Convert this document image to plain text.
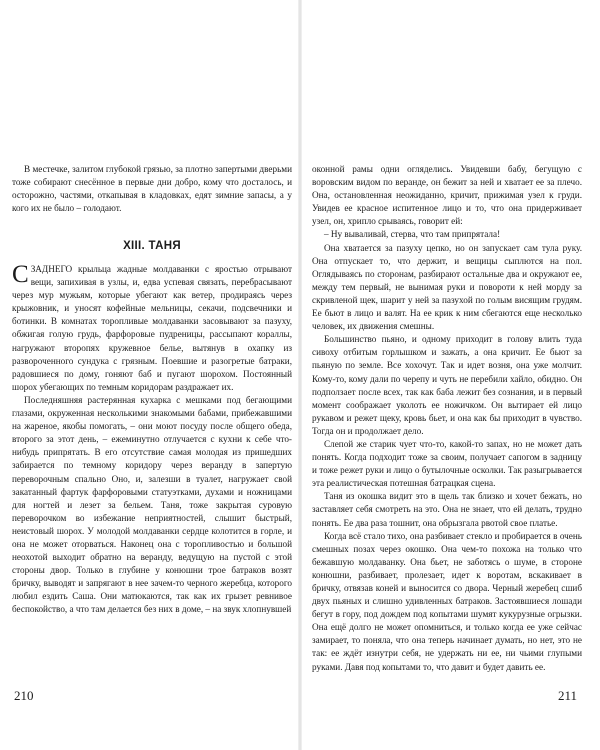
В местечке, залитом глубокой грязью, за плотно запертыми дверьми тоже собирают снесённое в первые дни добро, кому что досталось, и осторожно, частями, откапывая в кладовках, едят зимние запасы, а у кого их не было – голодают.

XIII. ТАНЯ

СЗАДНЕГО крыльца жадные молдаванки с яростью отрывают вещи, запихивая в узлы, и, едва успевая связать, перебрасывают через мур мужьям, которые убегают как ветер, продираясь через крыжовник, и уносят кофейные мельницы, секачи, подсвечники и ботинки. В комнатах торопливые молдаванки засовывают за пазуху, обжигая голую грудь, фарфоровые пудреницы, рассыпают кораллы, нагружают второпях кружевное белье, вытянув в охапку из развороченного сундука с грязным. Поевшие и разогретые батраки, радовшиеся по дому, гоняют баб и пугают шорохом. Постоянный шорох убегающих по темным коридорам раздражает их.

Последняшняя растерянная кухарка с мешками под бегающими глазами, окруженная несколькими знакомыми бабами, прибежавшими на жареное, якобы помогать, – они моют посуду после общего обеда, второго за этот день, – ежеминутно отлучается с кухни к себе что-нибудь припрятать. В его отсутствие самая молодая из пришедших забирается по темному коридору через веранду в запертую переворочным спально Оно, и, залезши в туалет, нагружает свой закатанный фартук фарфоровыми статуэтками, духами и ножницами для ногтей и лезет за бельем. Таня, тоже закрытая суровую переворочком во избежание неприятностей, слышит быстрый, неистовый шорох. У молодой молдаванки сердце колотится в горле, и она не может оторваться. Наконец она с торопливостью и большой неохотой выходит обратно на веранду, ведущую на пустой с этой стороны двор. Только в глубине у конюшни трое батраков возят бричку, выводят и запрягают в нее зачем-то черного жеребца, которого любил ездить Саша. Они матюкаются, так как их грызет ревнивое беспокойство, а что там делается без них в доме, – на звук хлопнувшей

210

оконной рамы одни огляделись. Увидевши бабу, бегущую с воровским видом по веранде, он бежит за ней и хватает ее за плечо. Она, остановленная неожиданно, кричит, прижимая узел к груди. Увидев ее красное испитенное лицо и то, что она придерживает узел, он, хрипло срываясь, говорит ей:

– Ну вываливай, стерва, что там припрятала!

Она хватается за пазуху цепко, но он запускает сам тула руку. Она отпускает то, что держит, и вещицы сыплются на пол. Оглядываясь по сторонам, разбирают остальные два и окружают ее, между тем первый, не вынимая руки и повороти к ней морду за скривленой щек, шарит у ней за пазухой по голым висящим грудям. Ее бьют в лицо и валят. На ее крик к ним сбегаются еще несколько человек, их движения смешны.

Большинство пьяно, и одному приходит в голову влить туда сивоху отбитым горлышком и зажать, а она кричит. Ее бьют за пьяную по земле. Все хохочут. Так и идет возня, она уже молчит. Кому-то, кому дали по черепу и чуть не перебили хайло, обидно. Он подползает после всех, так как баба лежит без сознания, и в первый момент соображает уколоть ее ножичком. Он вытирает ей лицо рукавом и режет щеку, кровь бьет, и она как бы приходит в чувство. Тогда он и продолжает дело.

Слепой же старик чует что-то, какой-то запах, но не может дать понять. Когда подходит тоже за своим, получает сапогом в задницу и тоже режет руки и лицо о бутылочные осколки. Так разыгрывается эта реалистическая потешная батрацкая сцена.

Таня из окошка видит это в щель так близко и хочет бежать, но заставляет себя смотреть на это. Она не знает, что ей делать, трудно понять. Ее два раза тошнит, она обрызгала рвотой свое платье.

Когда всё стало тихо, она разбивает стекло и пробирается в очень смешных позах через окошко. Она чем-то похожа на только что бежавшую молдаванку. Она бьет, не заботясь о шуме, в стороне конюшни, разбивает, пролезает, идет к воротам, вскакивает в бричку, отвязав коней и выносится со двора. Черный жеребец сшиб двух пьяных и слишно удивленных батраков. Застоявшиеся лошади бегут в гору, под дождем под копытами шумят кукурузные огрызки. Она ещё долго не может опомниться, и только когда ее уже сейчас замирает, то поняла, что она теперь начинает думать, но нет, это не так: ее ждёт изнутри себя, не удержать ни ее, ни чьими глупыми руками. Давя под копытами то, что давит и будет давить ее.

211
